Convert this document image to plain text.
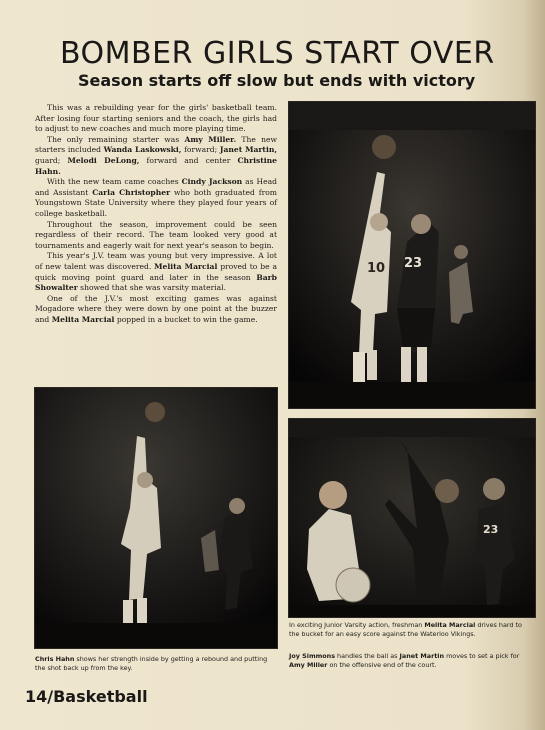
BOMBER GIRLS START OVER
Season starts off slow but ends with victory

This was a rebuilding year for the girls' basketball team. After losing four starting seniors and the coach, the girls had to adjust to new coaches and much more playing time.

The only remaining starter was Amy Miller. The new starters included Wanda Laskowski, forward; Janet Martin, guard; Melodi DeLong, forward and center Christine Hahn.

With the new team came coaches Cindy Jackson as Head and Assistant Carla Christopher who both graduated from Youngstown State University where they played four years of college basketball.

Throughout the season, improvement could be seen regardless of their record. The team looked very good at tournaments and eagerly wait for next year's season to begin.

This year's J.V. team was young but very impressive. A lot of new talent was discovered. Melita Marcial proved to be a quick moving point guard and later in the season Barb Showalter showed that she was varsity material.

One of the J.V.'s most exciting games was against Mogadore where they were down by one point at the buzzer and Melita Marcial popped in a bucket to win the game.

10 23
23
Chris Hahn shows her strength inside by getting a rebound and putting the shot back up from the key.
In exciting Junior Varsity action, freshman Melita Marcial drives hard to the bucket for an easy score against the Waterloo Vikings.
Joy Simmons handles the ball as Janet Martin moves to set a pick for Amy Miller on the offensive end of the court.
14/Basketball
